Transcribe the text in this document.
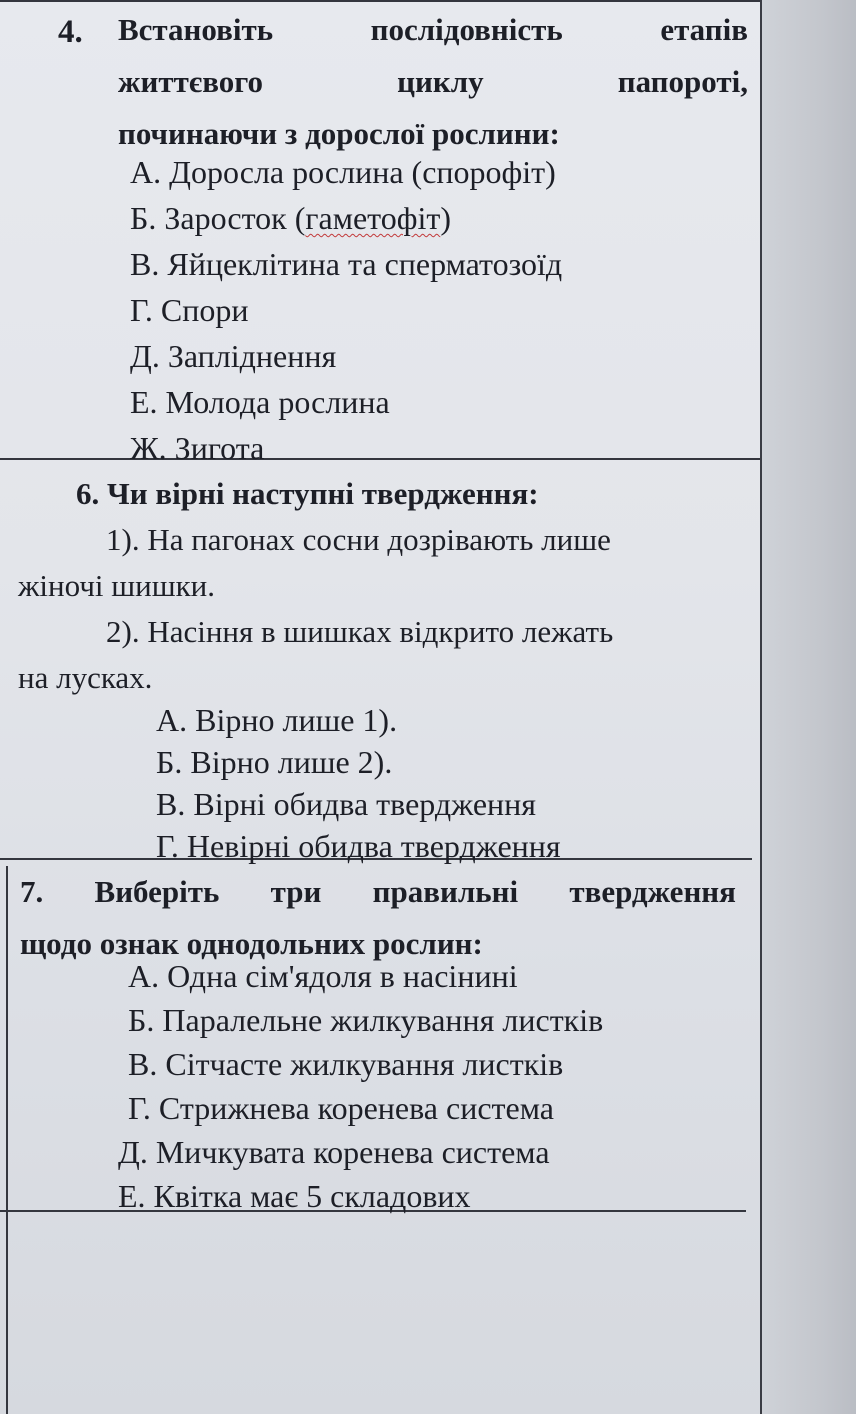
4. Встановіть	послідовність	етапів
життєвого	циклу	папороті,
починаючи з дорослої рослини:
А. Доросла рослина (спорофіт)
Б. Заросток (гаметофіт)
В. Яйцеклітина та сперматозоїд
Г. Спори
Д. Запліднення
Е. Молода рослина
Ж. Зигота
6. Чи вірні наступні твердження:
1). На пагонах сосни дозрівають лише
жіночі шишки.
2). Насіння в шишках відкрито лежать
на лусках.
А. Вірно лише 1).
Б. Вірно лише 2).
В. Вірні обидва твердження
Г. Невірні обидва твердження
7. Виберіть три правильні твердження
щодо ознак однодольних рослин:
А. Одна сім'ядоля в насінині
Б. Паралельне жилкування листків
В. Сітчасте жилкування листків
Г. Стрижнева коренева система
Д. Мичкувата коренева система
Е. Квітка має 5 складових
